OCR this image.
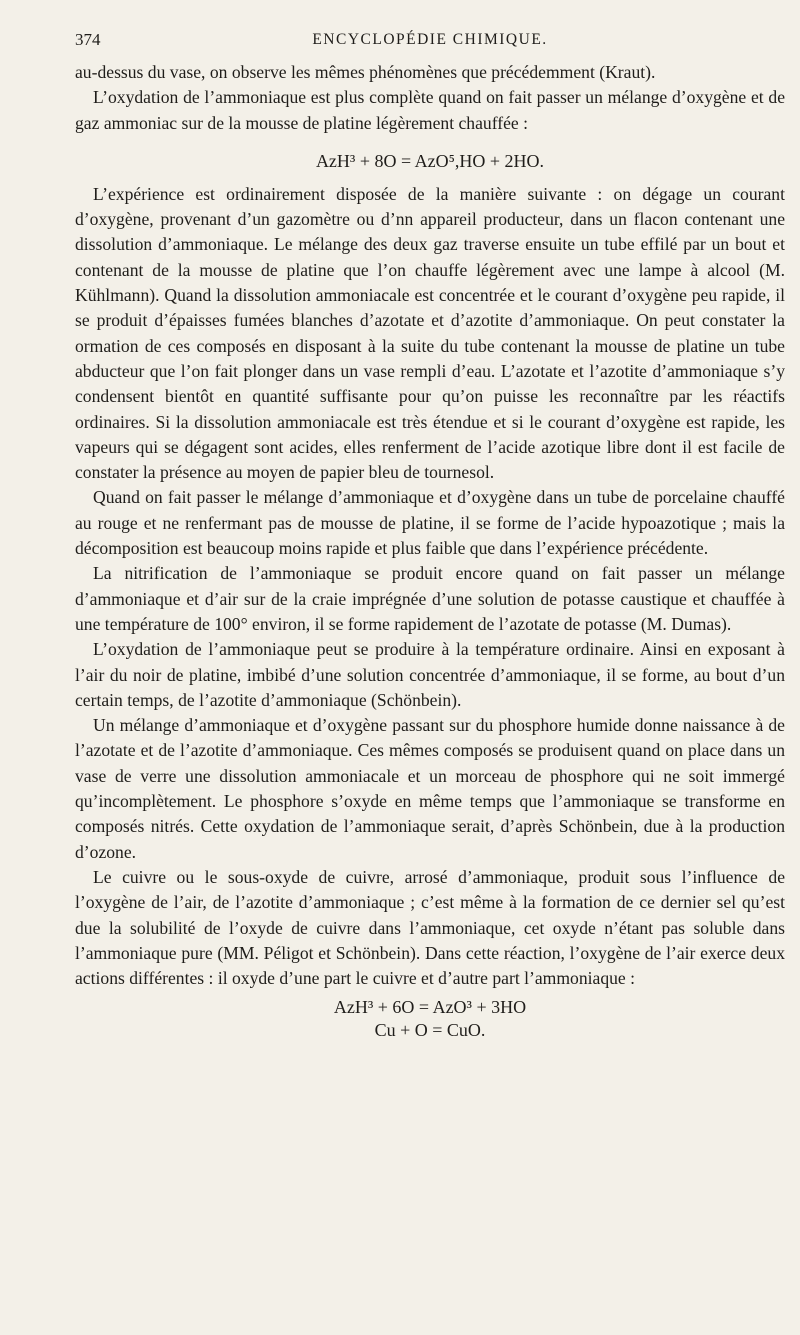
374	ENCYCLOPÉDIE CHIMIQUE.

au-dessus du vase, on observe les mêmes phénomènes que précédemment (Kraut).

L’oxydation de l’ammoniaque est plus complète quand on fait passer un mélange d’oxygène et de gaz ammoniac sur de la mousse de platine légèrement chauffée :

AzH³ + 8O = AzO⁵,HO + 2HO.

L’expérience est ordinairement disposée de la manière suivante : on dégage un courant d’oxygène, provenant d’un gazomètre ou d’nn appareil producteur, dans un flacon contenant une dissolution d’ammoniaque. Le mélange des deux gaz traverse ensuite un tube effilé par un bout et contenant de la mousse de platine que l’on chauffe légèrement avec une lampe à alcool (M. Kühlmann). Quand la dissolution ammoniacale est concentrée et le courant d’oxygène peu rapide, il se produit d’épaisses fumées blanches d’azotate et d’azotite d’ammoniaque. On peut constater la ormation de ces composés en disposant à la suite du tube contenant la mousse de platine un tube abducteur que l’on fait plonger dans un vase rempli d’eau. L’azotate et l’azotite d’ammoniaque s’y condensent bientôt en quantité suffisante pour qu’on puisse les reconnaître par les réactifs ordinaires. Si la dissolution ammoniacale est très étendue et si le courant d’oxygène est rapide, les vapeurs qui se dégagent sont acides, elles renferment de l’acide azotique libre dont il est facile de constater la présence au moyen de papier bleu de tournesol.

Quand on fait passer le mélange d’ammoniaque et d’oxygène dans un tube de porcelaine chauffé au rouge et ne renfermant pas de mousse de platine, il se forme de l’acide hypoazotique ; mais la décomposition est beaucoup moins rapide et plus faible que dans l’expérience précédente.

La nitrification de l’ammoniaque se produit encore quand on fait passer un mélange d’ammoniaque et d’air sur de la craie imprégnée d’une solution de potasse caustique et chauffée à une température de 100° environ, il se forme rapidement de l’azotate de potasse (M. Dumas).

L’oxydation de l’ammoniaque peut se produire à la température ordinaire. Ainsi en exposant à l’air du noir de platine, imbibé d’une solution concentrée d’ammoniaque, il se forme, au bout d’un certain temps, de l’azotite d’ammoniaque (Schönbein).

Un mélange d’ammoniaque et d’oxygène passant sur du phosphore humide donne naissance à de l’azotate et de l’azotite d’ammoniaque. Ces mêmes composés se produisent quand on place dans un vase de verre une dissolution ammoniacale et un morceau de phosphore qui ne soit immergé qu’incomplètement. Le phosphore s’oxyde en même temps que l’ammoniaque se transforme en composés nitrés. Cette oxydation de l’ammoniaque serait, d’après Schönbein, due à la production d’ozone.

Le cuivre ou le sous-oxyde de cuivre, arrosé d’ammoniaque, produit sous l’influence de l’oxygène de l’air, de l’azotite d’ammoniaque ; c’est même à la formation de ce dernier sel qu’est due la solubilité de l’oxyde de cuivre dans l’ammoniaque, cet oxyde n’étant pas soluble dans l’ammoniaque pure (MM. Péligot et Schönbein). Dans cette réaction, l’oxygène de l’air exerce deux actions différentes : il oxyde d’une part le cuivre et d’autre part l’ammoniaque :

AzH³ + 6O = AzO³ + 3HO
Cu + O = CuO.
